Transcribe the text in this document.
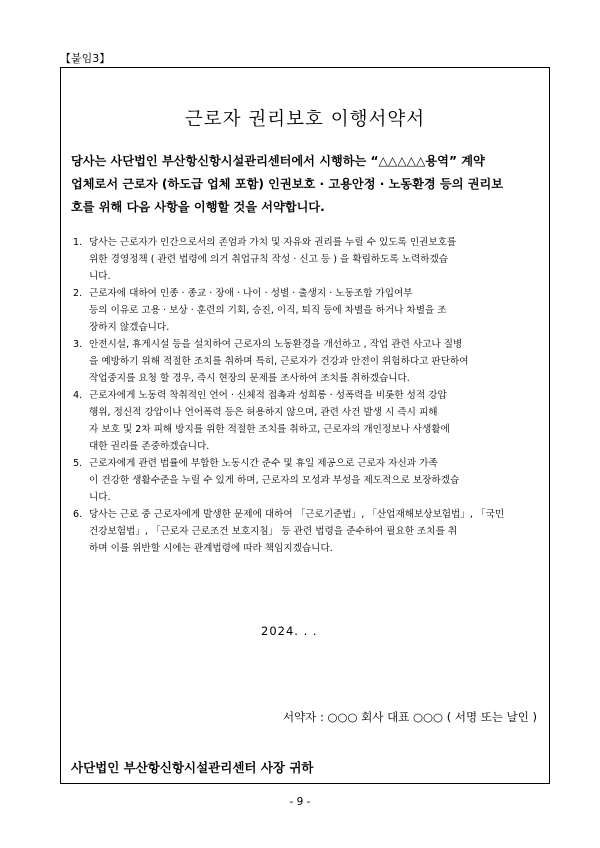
【붙임3】
근로자 권리보호 이행서약서

당사는 사단법인 부산항신항시설관리센터에서 시행하는 “△△△△△용역” 계약

업체로서 근로자 (하도급 업체 포함) 인권보호 · 고용안정 · 노동환경 등의 권리보

호를 위해 다음 사항을 이행할 것을 서약합니다.

1. 당사는 근로자가 인간으로서의 존엄과 가치 및 자유와 권리를 누릴 수 있도록 인권보호를
위한 경영정책 ( 관련 법령에 의거 취업규칙 작성 · 신고 등 ) 을 확립하도록 노력하겠습
니다.
2. 근로자에 대하여 인종 · 종교 · 장애 · 나이 · 성별 · 출생지 · 노동조합 가입여부
등의 이유로 고용 · 보상 · 훈련의 기회, 승진, 이직, 퇴직 등에 차별을 하거나 차별을 조
장하지 않겠습니다.
3. 안전시설, 휴게시설 등을 설치하여 근로자의 노동환경을 개선하고 , 작업 관련 사고나 질병
을 예방하기 위해 적절한 조치를 취하며 특히, 근로자가 건강과 안전이 위험하다고 판단하여
작업중지를 요청 할 경우, 즉시 현장의 문제를 조사하여 조치를 취하겠습니다.
4. 근로자에게 노동력 착취적인 언어 · 신체적 접촉과 성희롱 · 성폭력을 비롯한 성적 강압
행위, 정신적 강압이나 언어폭력 등은 허용하지 않으며, 관련 사건 발생 시 즉시 피해
자 보호 및 2차 피해 방지를 위한 적절한 조치를 취하고, 근로자의 개인정보나 사생활에
대한 권리를 존중하겠습니다.
5. 근로자에게 관련 법률에 부합한 노동시간 준수 및 휴일 제공으로 근로자 자신과 가족
이 건강한 생활수준을 누릴 수 있게 하며, 근로자의 모성과 부성을 제도적으로 보장하겠습
니다.
6. 당사는 근로 중 근로자에게 발생한 문제에 대하여 「근로기준법」, 「산업재해보상보험법」, 「국민
건강보험법」, 「근로자 근로조건 보호지침」 등 관련 법령을 준수하여 필요한 조치를 취
하며 이를 위반할 시에는 관계법령에 따라 책임지겠습니다.
2024. . .
서약자 : ○○○ 회사 대표 ○○○ ( 서명 또는 날인 )
사단법인 부산항신항시설관리센터 사장 귀하
- 9 -
